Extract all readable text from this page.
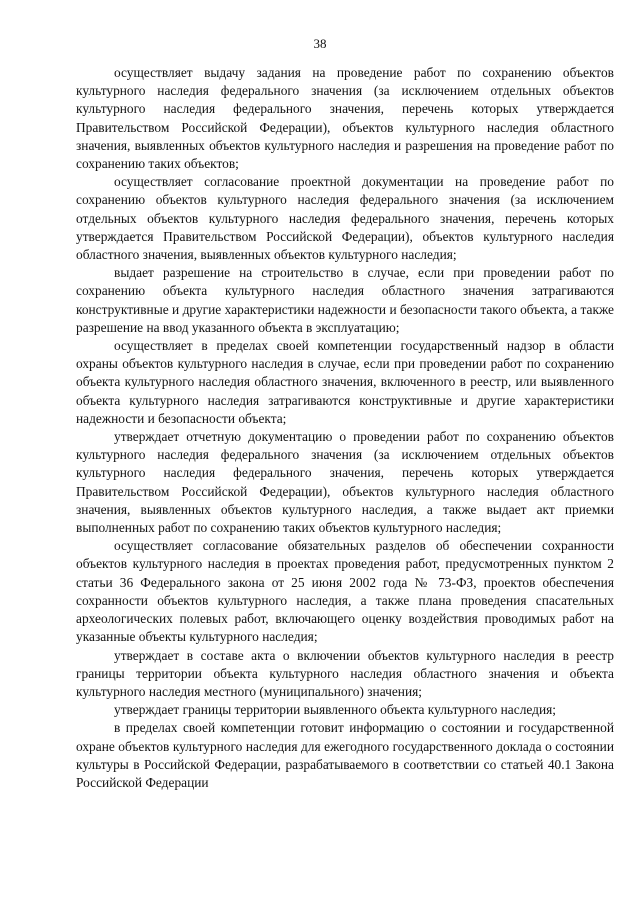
38

осуществляет выдачу задания на проведение работ по сохранению объектов культурного наследия федерального значения (за исключением отдельных объектов культурного наследия федерального значения, перечень которых утверждается Правительством Российской Федерации), объектов культурного наследия областного значения, выявленных объектов культурного наследия и разрешения на проведение работ по сохранению таких объектов;

осуществляет согласование проектной документации на проведение работ по сохранению объектов культурного наследия федерального значения (за исключением отдельных объектов культурного наследия федерального значения, перечень которых утверждается Правительством Российской Федерации), объектов культурного наследия областного значения, выявленных объектов культурного наследия;

выдает разрешение на строительство в случае, если при проведении работ по сохранению объекта культурного наследия областного значения затрагиваются конструктивные и другие характеристики надежности и безопасности такого объекта, а также разрешение на ввод указанного объекта в эксплуатацию;

осуществляет в пределах своей компетенции государственный надзор в области охраны объектов культурного наследия в случае, если при проведении работ по сохранению объекта культурного наследия областного значения, включенного в реестр, или выявленного объекта культурного наследия затрагиваются конструктивные и другие характеристики надежности и безопасности объекта;

утверждает отчетную документацию о проведении работ по сохранению объектов культурного наследия федерального значения (за исключением отдельных объектов культурного наследия федерального значения, перечень которых утверждается Правительством Российской Федерации), объектов культурного наследия областного значения, выявленных объектов культурного наследия, а также выдает акт приемки выполненных работ по сохранению таких объектов культурного наследия;

осуществляет согласование обязательных разделов об обеспечении сохранности объектов культурного наследия в проектах проведения работ, предусмотренных пунктом 2 статьи 36 Федерального закона от 25 июня 2002 года № 73-ФЗ, проектов обеспечения сохранности объектов культурного наследия, а также плана проведения спасательных археологических полевых работ, включающего оценку воздействия проводимых работ на указанные объекты культурного наследия;

утверждает в составе акта о включении объектов культурного наследия в реестр границы территории объекта культурного наследия областного значения и объекта культурного наследия местного (муниципального) значения;

утверждает границы территории выявленного объекта культурного наследия;

в пределах своей компетенции готовит информацию о состоянии и государственной охране объектов культурного наследия для ежегодного государственного доклада о состоянии культуры в Российской Федерации, разрабатываемого в соответствии со статьей 40.1 Закона Российской Федерации
